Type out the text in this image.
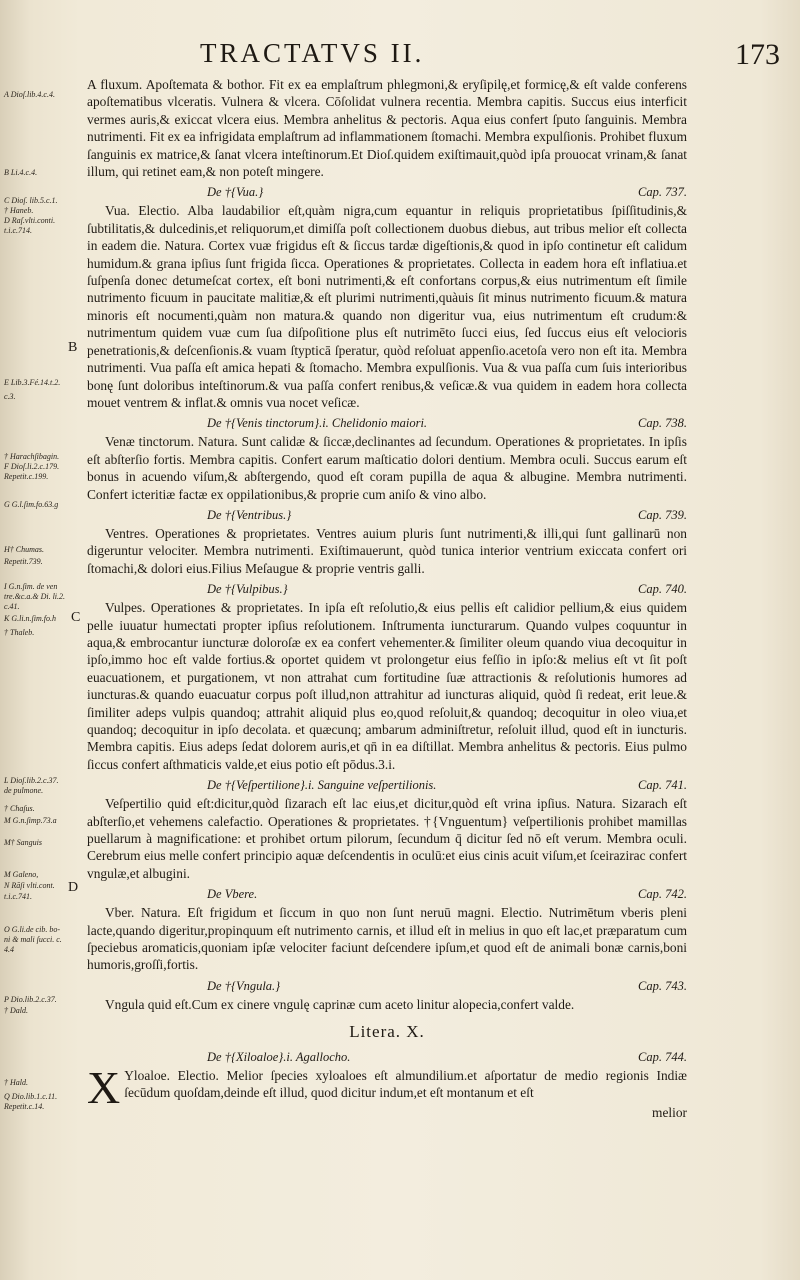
TRACTATVS II.	173
A Dioſ.lib.4.c.4.
B Li.4.c.4.
C Dioſ. lib.5.c.1.
† Haneb.
D Raſ.vlti.conti.
t.i.c.714.
E Lib.3.Fé.14.t.2.
c.3.
† Harachſibagin.
F Dioſ.li.2.c.179.
Repetit.c.199.
G G.l.ſim.fo.63.g
H† Chumas.
Repetit.739.
I G.n.ſim. de ven
tre.&c.a.& Di. li.2.
c.41.
K G.li.n.ſim.fo.h
† Thaleb.
L Dioſ.lib.2.c.37.
de pulmone.
† Chaſus.
M G.n.ſimp.73.a
M† Sanguis
M Galeno,
N Rāſi vlti.cont.
t.i.c.741.
O G.li.de cib. bo-
ni & mali ſucci. c.
4.4
P Dio.lib.2.c.37.
† Dald.
† Hald.
Q Dio.lib.1.c.11.
Repetit.c.14.
B
C
D

A fluxum. Apoſtemata & bothor. Fit ex ea emplaſtrum phlegmoni,& eryſipilę,et formicę,& eſt valde conferens apoſtematibus vlceratis. Vulnera & vlcera. Cōſolidat vulnera recentia. Membra capitis. Succus eius interficit vermes auris,& exiccat vlcera eius. Membra anhelitus & pectoris. Aqua eius confert ſputo ſanguinis. Membra nutrimenti. Fit ex ea infrigidata emplaſtrum ad inflammationem ſtomachi. Membra expulſionis. Prohibet fluxum ſanguinis ex matrice,& ſanat vlcera inteſtinorum.Et Dioſ.quidem exiſtimauit,quòd ipſa prouocat vrinam,& ſanat illum, qui retinet eam,& non poteſt mingere.

De †{Vua.}	Cap. 737.

Vua. Electio. Alba laudabilior eſt,quàm nigra,cum equantur in reliquis proprietatibus ſpiſſitudinis,& ſubtilitatis,& dulcedinis,et reliquorum,et dimiſſa poſt collectionem duobus diebus, aut tribus melior eſt collecta in eadem die. Natura. Cortex vuæ frigidus eſt & ſiccus tardæ digeſtionis,& quod in ipſo continetur eſt calidum humidum.& grana ipſius ſunt frigida ſicca. Operationes & proprietates. Collecta in eadem hora eſt inflatiua.et ſuſpenſa donec detumeſcat cortex, eſt boni nutrimenti,& eſt confortans corpus,& eius nutrimentum eſt ſimile nutrimento ficuum in paucitate malitiæ,& eſt plurimi nutrimenti,quàuis ſit minus nutrimento ficuum.& matura minoris eſt nocumenti,quàm non matura.& quando non digeritur vua, eius nutrimentum eſt crudum:& nutrimentum quidem vuæ cum ſua diſpoſitione plus eſt nutrimēto ſucci eius, ſed ſuccus eius eſt velocioris penetrationis,& deſcenſionis.& vuam ſtypticā ſperatur, quòd reſoluat appenſio.acetoſa vero non eſt ita. Membra nutrimenti. Vua paſſa eſt amica hepati & ſtomacho. Membra expulſionis. Vua & vua paſſa cum ſuis interioribus bonę ſunt doloribus inteſtinorum.& vua paſſa confert renibus,& veſicæ.& vua quidem in eadem hora collecta mouet ventrem & inflat.& omnis vua nocet veſicæ.

De †{Venis tinctorum}.i. Chelidonio maiori.	Cap. 738.

Venæ tinctorum. Natura. Sunt calidæ & ſiccæ,declinantes ad ſecundum. Operationes & proprietates. In ipſis eſt abſterſio fortis. Membra capitis. Confert earum maſticatio dolori dentium. Membra oculi. Succus earum eſt bonus in acuendo viſum,& abſtergendo, quod eſt coram pupilla de aqua & albugine. Membra nutrimenti. Confert icteritiæ factæ ex oppilationibus,& proprie cum aniſo & vino albo.

De †{Ventribus.}	Cap. 739.

Ventres. Operationes & proprietates. Ventres auium pluris ſunt nutrimenti,& illi,qui ſunt gallinarū non digeruntur velociter. Membra nutrimenti. Exiſtimauerunt, quòd tunica interior ventrium exiccata confert ori ſtomachi,& dolori eius.Filius Meſaugue & proprie ventris galli.

De †{Vulpibus.}	Cap. 740.

Vulpes. Operationes & proprietates. In ipſa eſt reſolutio,& eius pellis eſt calidior pellium,& eius quidem pelle iuuatur humectati propter ipſius reſolutionem. Inſtrumenta iuncturarum. Quando vulpes coquuntur in aqua,& embrocantur iuncturæ doloroſæ ex ea confert vehementer.& ſimiliter oleum quando viua decoquitur in ipſo,immo hoc eſt valde fortius.& oportet quidem vt prolongetur eius feſſio in ipſo:& melius eſt vt ſit poſt euacuationem, et purgationem, vt non attrahat cum fortitudine ſuæ attractionis & reſolutionis humores ad iuncturas.& quando euacuatur corpus poſt illud,non attrahitur ad iuncturas aliquid, quòd ſi redeat, erit leue.& ſimiliter adeps vulpis quandoq; attrahit aliquid plus eo,quod reſoluit,& quandoq; decoquitur in oleo viua,et quandoq; decoquitur in ipſo decolata. et quæcunq; ambarum adminiſtretur, reſoluit illud, quod eſt in iuncturis. Membra capitis. Eius adeps ſedat dolorem auris,et qn̄ in ea diſtillat. Membra anhelitus & pectoris. Eius pulmo ſiccus confert aſthmaticis valde,et eius potio eſt pōdus.3.i.

De †{Veſpertilione}.i. Sanguine veſpertilionis.	Cap. 741.

Veſpertilio quid eſt:dicitur,quòd ſizarach eſt lac eius,et dicitur,quòd eſt vrina ipſius. Natura. Sizarach eſt abſterſio,et vehemens calefactio. Operationes & proprietates. †{Vnguentum} veſpertilionis prohibet mamillas puellarum à magnificatione: et prohibet ortum pilorum, ſecundum q̄ dicitur ſed nō eſt verum. Membra oculi. Cerebrum eius melle confert principio aquæ deſcendentis in oculū:et eius cinis acuit viſum,et ſceirazirac confert vngulæ,et albugini.

De Vbere.	Cap. 742.

Vber. Natura. Eſt frigidum et ſiccum in quo non ſunt neruū magni. Electio. Nutrimētum vberis pleni lacte,quando digeritur,propinquum eſt nutrimento carnis, et illud eſt in melius in quo eſt lac,et præparatum cum ſpeciebus aromaticis,quoniam ipſæ velociter faciunt deſcendere ipſum,et quod eſt de animali bonæ carnis,boni humoris,groſſi,fortis.

De †{Vngula.}	Cap. 743.

Vngula quid eſt.Cum ex cinere vngulę caprinæ cum aceto linitur alopecia,confert valde.

Litera. X.
De †{Xiloaloe}.i. Agallocho.	Cap. 744.

X Yloaloe. Electio. Melior ſpecies xyloaloes eſt almundilium.et aſportatur de medio regionis Indiæ ſecūdum quoſdam,deinde eſt illud, quod dicitur indum,et eſt montanum et eſt

melior
